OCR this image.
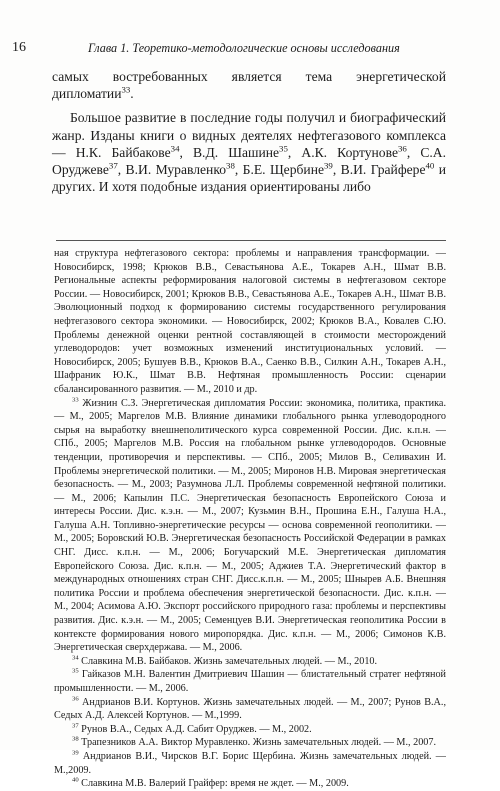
16	Глава 1. Теоретико-методологические основы исследования

самых востребованных является тема энергетической дипломатии$^{33}$.

Большое развитие в последние годы получил и биографический жанр. Изданы книги о видных деятелях нефтегазового комплекса — Н.К. Байбакове$^{34}$, В.Д. Шашине$^{35}$, А.К. Кортунове$^{36}$, С.А. Оруджеве$^{37}$, В.И. Муравленко$^{38}$, Б.Е. Щербине$^{39}$, В.И. Грайфере$^{40}$ и других. И хотя подобные издания ориентированы либо

ная структура нефтегазового сектора: проблемы и направления трансформации. — Новосибирск, 1998; Крюков В.В., Севастьянова А.Е., Токарев А.Н., Шмат В.В. Региональные аспекты реформирования налоговой системы в нефтегазовом секторе России. — Новосибирск, 2001; Крюков В.В., Севастьянова А.Е., Токарев А.Н., Шмат В.В. Эволюционный подход к формированию системы государственного регулирования нефтегазового сектора экономики. — Новосибирск, 2002; Крюков В.А., Ковалев С.Ю. Проблемы денежной оценки рентной составляющей в стоимости месторождений углеводородов: учет возможных изменений институциональных условий. — Новосибирск, 2005; Бушуев В.В., Крюков В.А., Саенко В.В., Силкин А.Н., Токарев А.Н., Шафраник Ю.К., Шмат В.В. Нефтяная промышленность России: сценарии сбалансированного развития. — М., 2010 и др.

$^{33}$ Жизнин С.З. Энергетическая дипломатия России: экономика, политика, практика. — М., 2005; Маргелов М.В. Влияние динамики глобального рынка углеводородного сырья на выработку внешнеполитического курса современной России. Дис. к.п.н. — СПб., 2005; Маргелов М.В. Россия на глобальном рынке углеводородов. Основные тенденции, противоречия и перспективы. — СПб., 2005; Милов В., Селивахин И. Проблемы энергетической политики. — М., 2005; Миронов Н.В. Мировая энергетическая безопасность. — М., 2003; Разумнова Л.Л. Проблемы современной нефтяной политики. — М., 2006; Капылин П.С. Энергетическая безопасность Европейского Союза и интересы России. Дис. к.э.н. — М., 2007; Кузьмин В.Н., Прошина Е.Н., Галуша Н.А., Галуша А.Н. Топливно-энергетические ресурсы — основа современной геополитики. — М., 2005; Боровский Ю.В. Энергетическая безопасность Российской Федерации в рамках СНГ. Дисс. к.п.н. — М., 2006; Богучарский М.Е. Энергетическая дипломатия Европейского Союза. Дис. к.п.н. — М., 2005; Аджиев Т.А. Энергетический фактор в международных отношениях стран СНГ. Дисс.к.п.н. — М., 2005; Шнырев А.Б. Внешняя политика России и проблема обеспечения энергетической безопасности. Дис. к.п.н. — М., 2004; Асимова А.Ю. Экспорт российского природного газа: проблемы и перспективы развития. Дис. к.э.н. — М., 2005; Семенцуев В.И. Энергетическая геополитика России в контексте формирования нового миропорядка. Дис. к.п.н. — М., 2006; Симонов К.В. Энергетическая сверхдержава. — М., 2006.

$^{34}$ Славкина М.В. Байбаков. Жизнь замечательных людей. — М., 2010.

$^{35}$ Гайказов М.Н. Валентин Дмитриевич Шашин — блистательный стратег нефтяной промышленности. — М., 2006.

$^{36}$ Андрианов В.И. Кортунов. Жизнь замечательных людей. — М., 2007; Рунов В.А., Седых А.Д. Алексей Кортунов. — М.,1999.

$^{37}$ Рунов В.А., Седых А.Д. Сабит Оруджев. — М., 2002.

$^{38}$ Трапезников А.А. Виктор Муравленко. Жизнь замечательных людей. — М., 2007.

$^{39}$ Андрианов В.И., Чирсков В.Г. Борис Щербина. Жизнь замечательных людей. — М.,2009.

$^{40}$ Славкина М.В. Валерий Грайфер: время не ждет. — М., 2009.
